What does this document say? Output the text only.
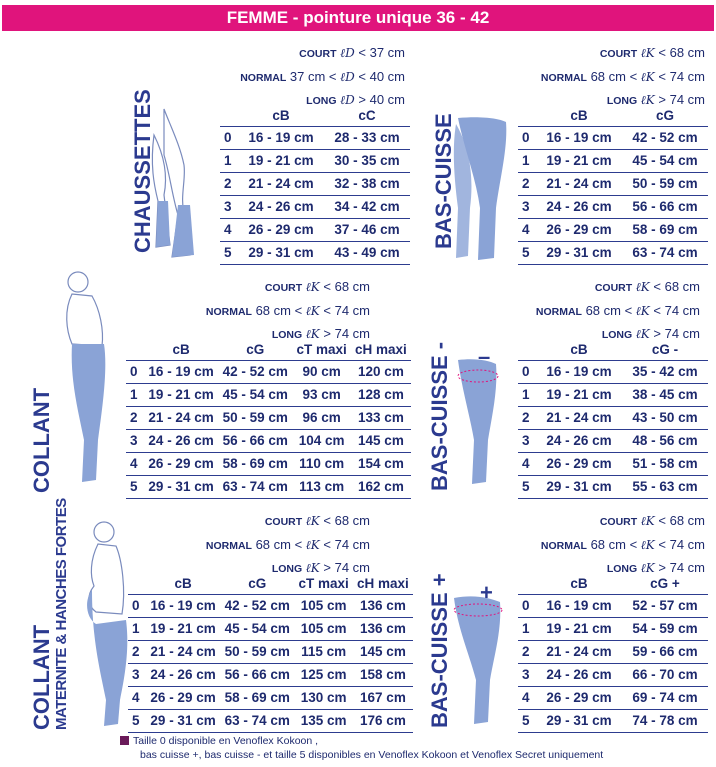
FEMME - pointure unique 36 - 42
CHAUSSETTES
COURT ℓD < 37 cm
NORMAL 37 cm < ℓD < 40 cm
LONG ℓD > 40 cm
	cB	cC
0	16 - 19 cm	28 - 33 cm
1	19 - 21 cm	30 - 35 cm
2	21 - 24 cm	32 - 38 cm
3	24 - 26 cm	34 - 42 cm
4	26 - 29 cm	37 - 46 cm
5	29 - 31 cm	43 - 49 cm
BAS-CUISSE
COURT ℓK < 68 cm
NORMAL 68 cm < ℓK < 74 cm
LONG ℓK > 74 cm
	cB	cG
0	16 - 19 cm	42 - 52 cm
1	19 - 21 cm	45 - 54 cm
2	21 - 24 cm	50 - 59 cm
3	24 - 26 cm	56 - 66 cm
4	26 - 29 cm	58 - 69 cm
5	29 - 31 cm	63 - 74 cm
COLLANT
COURT ℓK < 68 cm
NORMAL 68 cm < ℓK < 74 cm
LONG ℓK > 74 cm
	cB	cG	cT maxi	cH maxi
0	16 - 19 cm	42 - 52 cm	90 cm	120 cm
1	19 - 21 cm	45 - 54 cm	93 cm	128 cm
2	21 - 24 cm	50 - 59 cm	96 cm	133 cm
3	24 - 26 cm	56 - 66 cm	104 cm	145 cm
4	26 - 29 cm	58 - 69 cm	110 cm	154 cm
5	29 - 31 cm	63 - 74 cm	113 cm	162 cm
–
BAS-CUISSE -
COURT ℓK < 68 cm
NORMAL 68 cm < ℓK < 74 cm
LONG ℓK > 74 cm
	cB	cG -
0	16 - 19 cm	35 - 42 cm
1	19 - 21 cm	38 - 45 cm
2	21 - 24 cm	43 - 50 cm
3	24 - 26 cm	48 - 56 cm
4	26 - 29 cm	51 - 58 cm
5	29 - 31 cm	55 - 63 cm
COLLANT MATERNITE & HANCHES FORTES	COURT ℓK < 68 cm
NORMAL 68 cm < ℓK < 74 cm
LONG ℓK > 74 cm
	cB	cG	cT maxi	cH maxi
0	16 - 19 cm	42 - 52 cm	105 cm	136 cm
1	19 - 21 cm	45 - 54 cm	105 cm	136 cm
2	21 - 24 cm	50 - 59 cm	115 cm	145 cm
3	24 - 26 cm	56 - 66 cm	125 cm	158 cm
4	26 - 29 cm	58 - 69 cm	130 cm	167 cm
5	29 - 31 cm	63 - 74 cm	135 cm	176 cm
+
BAS-CUISSE +
COURT ℓK < 68 cm
NORMAL 68 cm < ℓK < 74 cm
LONG ℓK > 74 cm
	cB	cG +
0	16 - 19 cm	52 - 57 cm
1	19 - 21 cm	54 - 59 cm
2	21 - 24 cm	59 - 66 cm
3	24 - 26 cm	66 - 70 cm
4	26 - 29 cm	69 - 74 cm
5	29 - 31 cm	74 - 78 cm
Taille 0 disponible en Venoflex Kokoon ,
bas cuisse +, bas cuisse - et taille 5 disponibles en Venoflex Kokoon et Venoflex Secret uniquement
